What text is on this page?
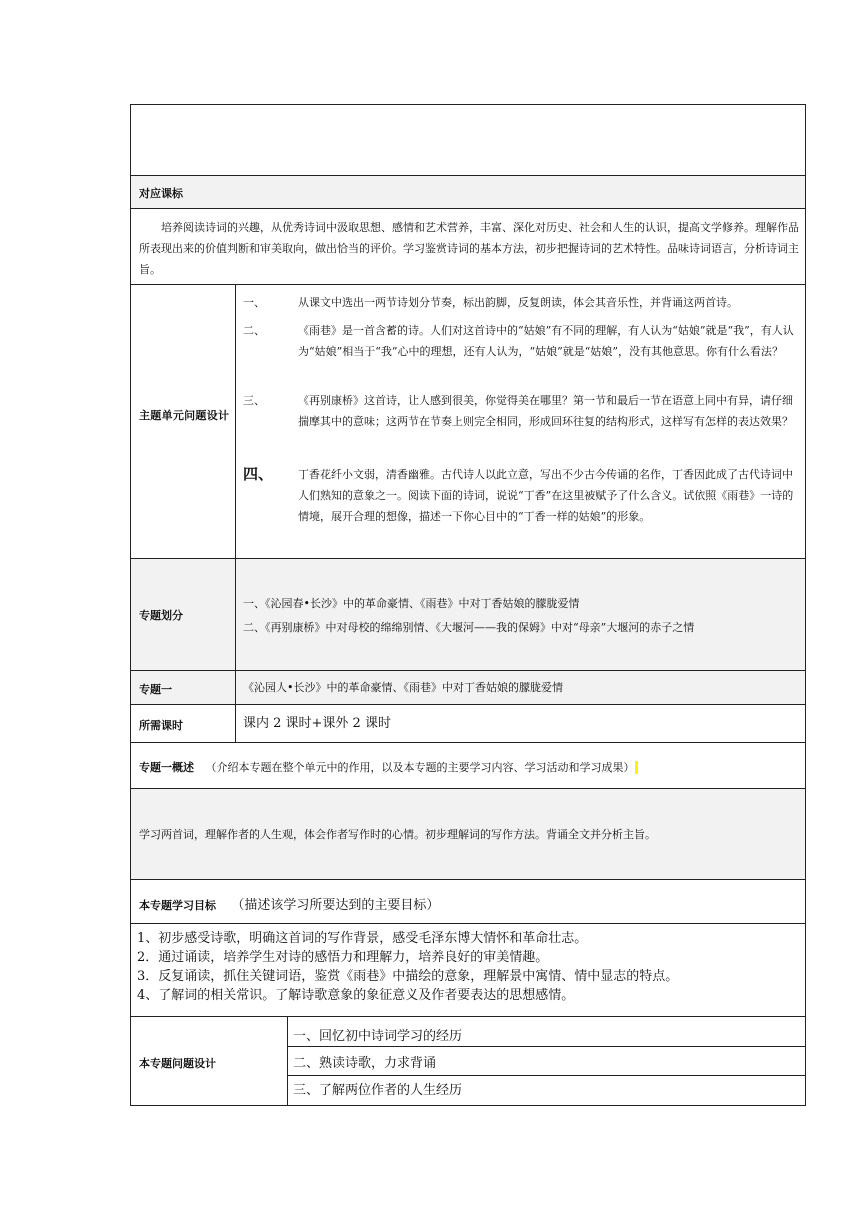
对应课标
培养阅读诗词的兴趣，从优秀诗词中汲取思想、感情和艺术营养，丰富、深化对历史、社会和人生的认识，提高文学修养。理解作品所表现出来的价值判断和审美取向，做出恰当的评价。学习鉴赏诗词的基本方法，初步把握诗词的艺术特性。品味诗词语言，分析诗词主旨。
主题单元问题设计
一、	从课文中选出一两节诗划分节奏，标出韵脚，反复朗读，体会其音乐性，并背诵这两首诗。
二、	《雨巷》是一首含蓄的诗。人们对这首诗中的“姑娘”有不同的理解，有人认为“姑娘”就是“我”，有人认为“姑娘”相当于“我”心中的理想，还有人认为，“姑娘”就是“姑娘”，没有其他意思。你有什么看法？
三、	《再别康桥》这首诗，让人感到很美，你觉得美在哪里？第一节和最后一节在语意上同中有异，请仔细揣摩其中的意味；这两节在节奏上则完全相同，形成回环往复的结构形式，这样写有怎样的表达效果？
四、	丁香花纤小文弱，清香幽雅。古代诗人以此立意，写出不少古今传诵的名作，丁香因此成了古代诗词中人们熟知的意象之一。阅读下面的诗词，说说“丁香”在这里被赋予了什么含义。试依照《雨巷》一诗的情境，展开合理的想像，描述一下你心目中的“丁香一样的姑娘”的形象。
专题划分
一、《沁园春•长沙》中的革命豪情、《雨巷》中对丁香姑娘的朦胧爱情
二、《再别康桥》中对母校的绵绵别情、《大堰河——我的保姆》中对“母亲”大堰河的赤子之情
专题一	《沁园人•长沙》中的革命豪情、《雨巷》中对丁香姑娘的朦胧爱情
所需课时	课内 2 课时+课外 2 课时
专题一概述 （介绍本专题在整个单元中的作用，以及本专题的主要学习内容、学习活动和学习成果）
学习两首词，理解作者的人生观，体会作者写作时的心情。初步理解词的写作方法。背诵全文并分析主旨。
本专题学习目标 （描述该学习所要达到的主要目标）
1、初步感受诗歌，明确这首词的写作背景，感受毛泽东博大情怀和革命壮志。
2．通过诵读，培养学生对诗的感悟力和理解力，培养良好的审美情趣。
3．反复诵读，抓住关键词语，鉴赏《雨巷》中描绘的意象，理解景中寓情、情中显志的特点。
4、了解词的相关常识。了解诗歌意象的象征意义及作者要表达的思想感情。
本专题问题设计
一、回忆初中诗词学习的经历
二、熟读诗歌，力求背诵
三、了解两位作者的人生经历
